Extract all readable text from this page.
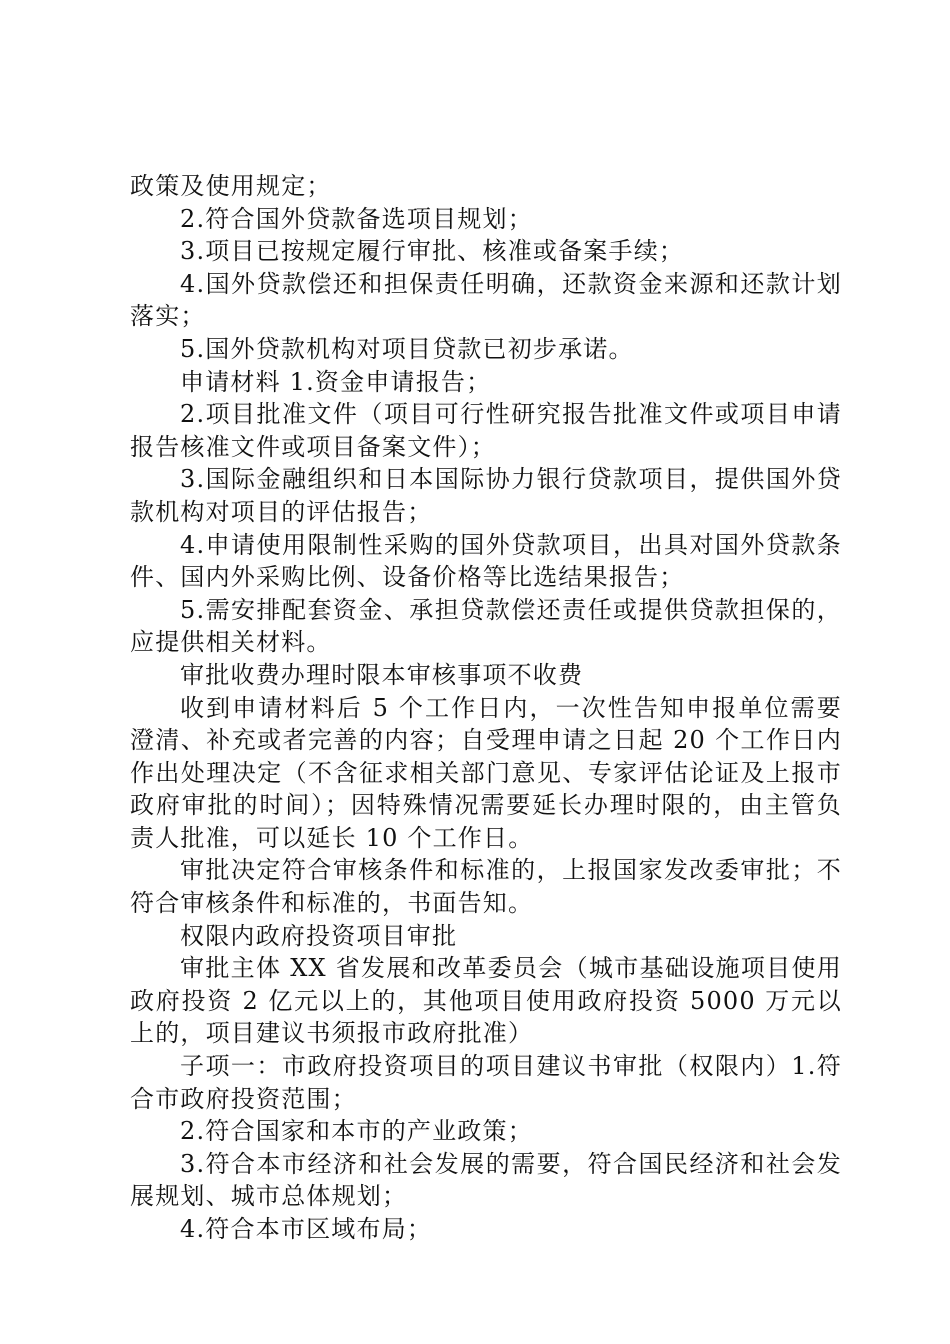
政策及使用规定；

2.符合国外贷款备选项目规划；

3.项目已按规定履行审批、核准或备案手续；

4.国外贷款偿还和担保责任明确，还款资金来源和还款计划落实；

5.国外贷款机构对项目贷款已初步承诺。

申请材料 1.资金申请报告；

2.项目批准文件（项目可行性研究报告批准文件或项目申请报告核准文件或项目备案文件）；

3.国际金融组织和日本国际协力银行贷款项目，提供国外贷款机构对项目的评估报告；

4.申请使用限制性采购的国外贷款项目，出具对国外贷款条件、国内外采购比例、设备价格等比选结果报告；

5.需安排配套资金、承担贷款偿还责任或提供贷款担保的，应提供相关材料。

审批收费办理时限本审核事项不收费

收到申请材料后 5 个工作日内，一次性告知申报单位需要澄清、补充或者完善的内容；自受理申请之日起 20 个工作日内作出处理决定（不含征求相关部门意见、专家评估论证及上报市政府审批的时间）；因特殊情况需要延长办理时限的，由主管负责人批准，可以延长 10 个工作日。

审批决定符合审核条件和标准的，上报国家发改委审批；不符合审核条件和标准的，书面告知。

权限内政府投资项目审批

审批主体 XX 省发展和改革委员会（城市基础设施项目使用政府投资 2 亿元以上的，其他项目使用政府投资 5000 万元以上的，项目建议书须报市政府批准）

子项一：市政府投资项目的项目建议书审批（权限内）1.符合市政府投资范围；

2.符合国家和本市的产业政策；

3.符合本市经济和社会发展的需要，符合国民经济和社会发展规划、城市总体规划；

4.符合本市区域布局；
